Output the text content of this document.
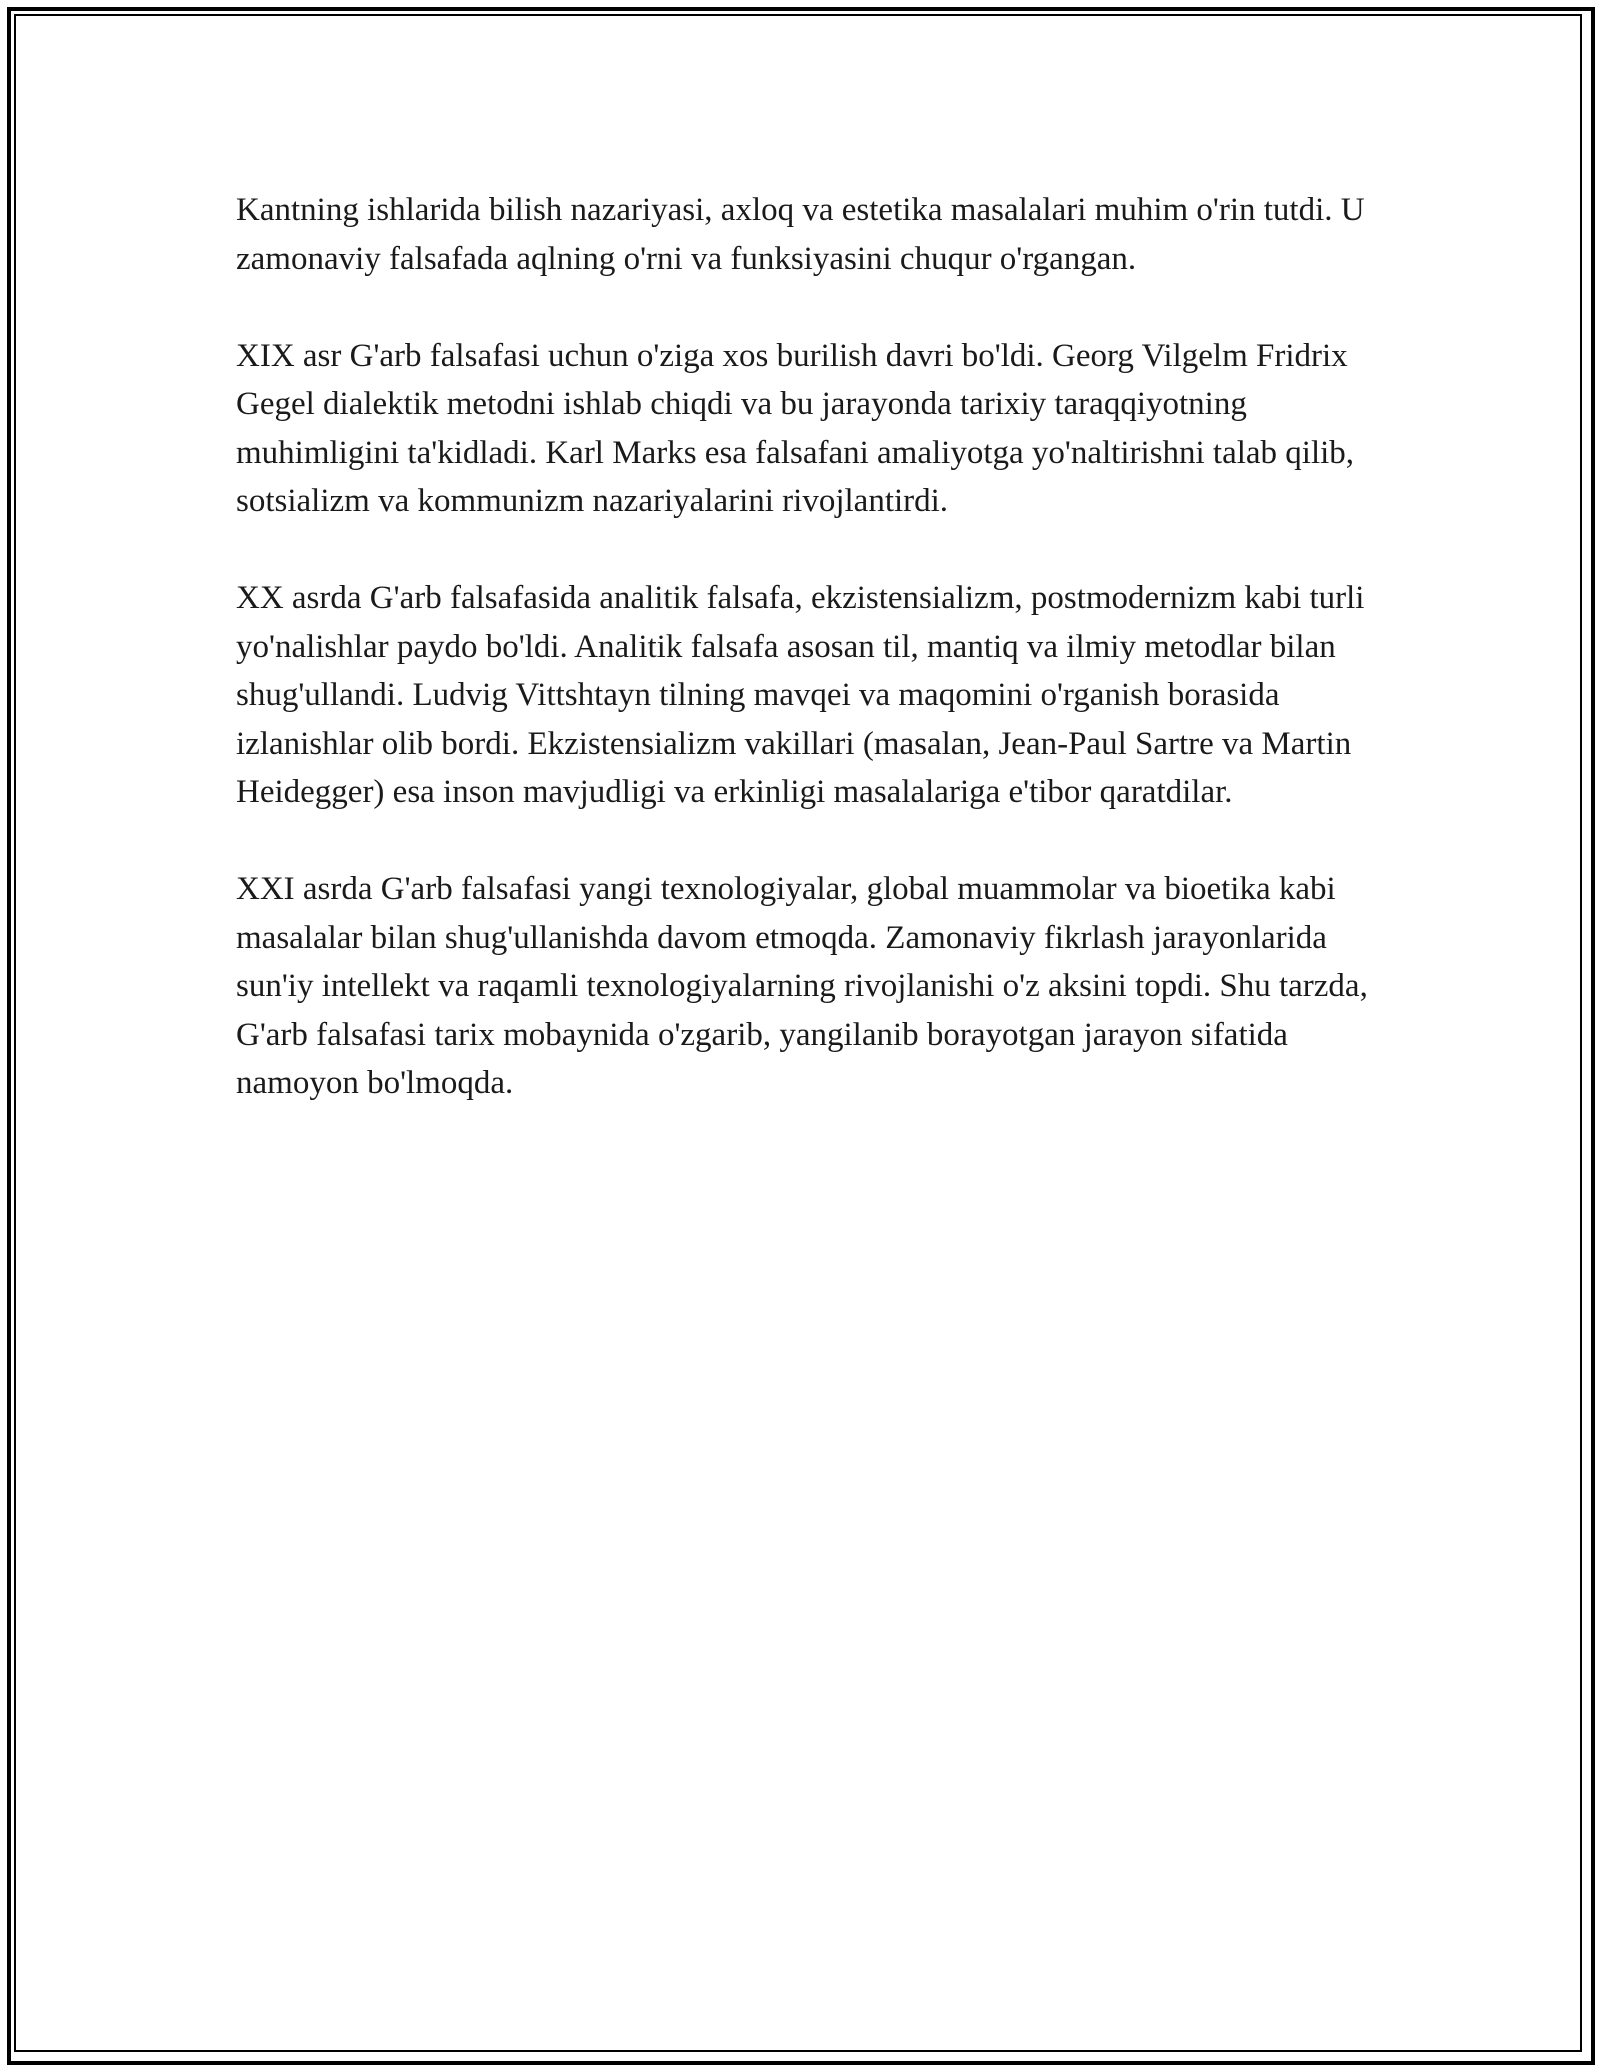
Kantning ishlarida bilish nazariyasi, axloq va estetika masalalari muhim o'rin tutdi. U zamonaviy falsafada aqlning o'rni va funksiyasini chuqur o'rgangan.

XIX asr G'arb falsafasi uchun o'ziga xos burilish davri bo'ldi. Georg Vilgelm Fridrix Gegel dialektik metodni ishlab chiqdi va bu jarayonda tarixiy taraqqiyotning muhimligini ta'kidladi. Karl Marks esa falsafani amaliyotga yo'naltirishni talab qilib, sotsializm va kommunizm nazariyalarini rivojlantirdi.

XX asrda G'arb falsafasida analitik falsafa, ekzistensializm, postmodernizm kabi turli yo'nalishlar paydo bo'ldi. Analitik falsafa asosan til, mantiq va ilmiy metodlar bilan shug'ullandi. Ludvig Vittshtayn tilning mavqei va maqomini o'rganish borasida izlanishlar olib bordi. Ekzistensializm vakillari (masalan, Jean-Paul Sartre va Martin Heidegger) esa inson mavjudligi va erkinligi masalalariga e'tibor qaratdilar.

XXI asrda G'arb falsafasi yangi texnologiyalar, global muammolar va bioetika kabi masalalar bilan shug'ullanishda davom etmoqda. Zamonaviy fikrlash jarayonlarida sun'iy intellekt va raqamli texnologiyalarning rivojlanishi o'z aksini topdi. Shu tarzda, G'arb falsafasi tarix mobaynida o'zgarib, yangilanib borayotgan jarayon sifatida namoyon bo'lmoqda.
